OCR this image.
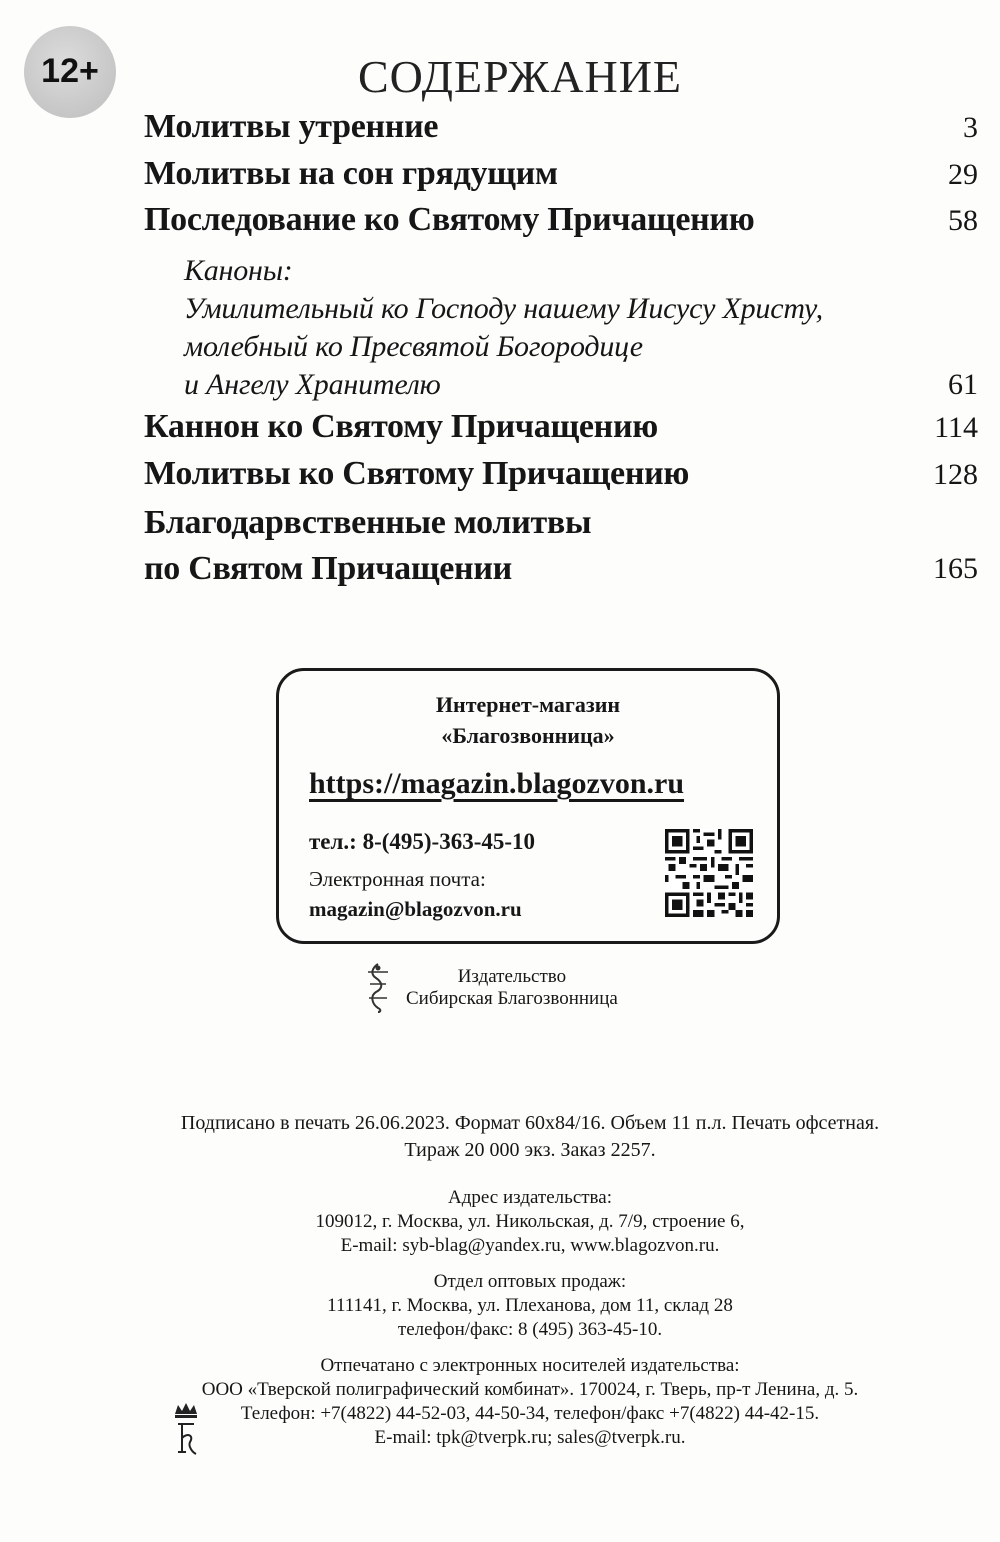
12+	СОДЕРЖАНИЕ
Молитвы утренние	3
Молитвы на сон грядущим	29
Последование ко Святому Причащению	58
Каноны:
Умилительный ко Господу нашему Иисусу Христу,
молебный ко Пресвятой Богородице
и Ангелу Хранителю	61
Каннон ко Святому Причащению	114
Молитвы ко Святому Причащению	128
Благодарвственные молитвы
по Святом Причащении	165
Интернет-магазин
«Благозвонница»
https://magazin.blagozvon.ru
тел.: 8-(495)-363-45-10
Электронная почта:
magazin@blagozvon.ru
Издательство
Сибирская Благозвонница
Подписано в печать 26.06.2023. Формат 60x84/16. Объем 11 п.л. Печать офсетная.
Тираж 20 000 экз. Заказ 2257.
Адрес издательства:
109012, г. Москва, ул. Никольская, д. 7/9, строение 6,
E-mail: syb-blag@yandex.ru, www.blagozvon.ru.
Отдел оптовых продаж:
111141, г. Москва, ул. Плеханова, дом 11, склад 28
телефон/факс: 8 (495) 363-45-10.
Отпечатано с электронных носителей издательства:
ООО «Тверской полиграфический комбинат». 170024, г. Тверь, пр-т Ленина, д. 5.
Телефон: +7(4822) 44-52-03, 44-50-34, телефон/факс +7(4822) 44-42-15.
E-mail: tpk@tverpk.ru; sales@tverpk.ru.
